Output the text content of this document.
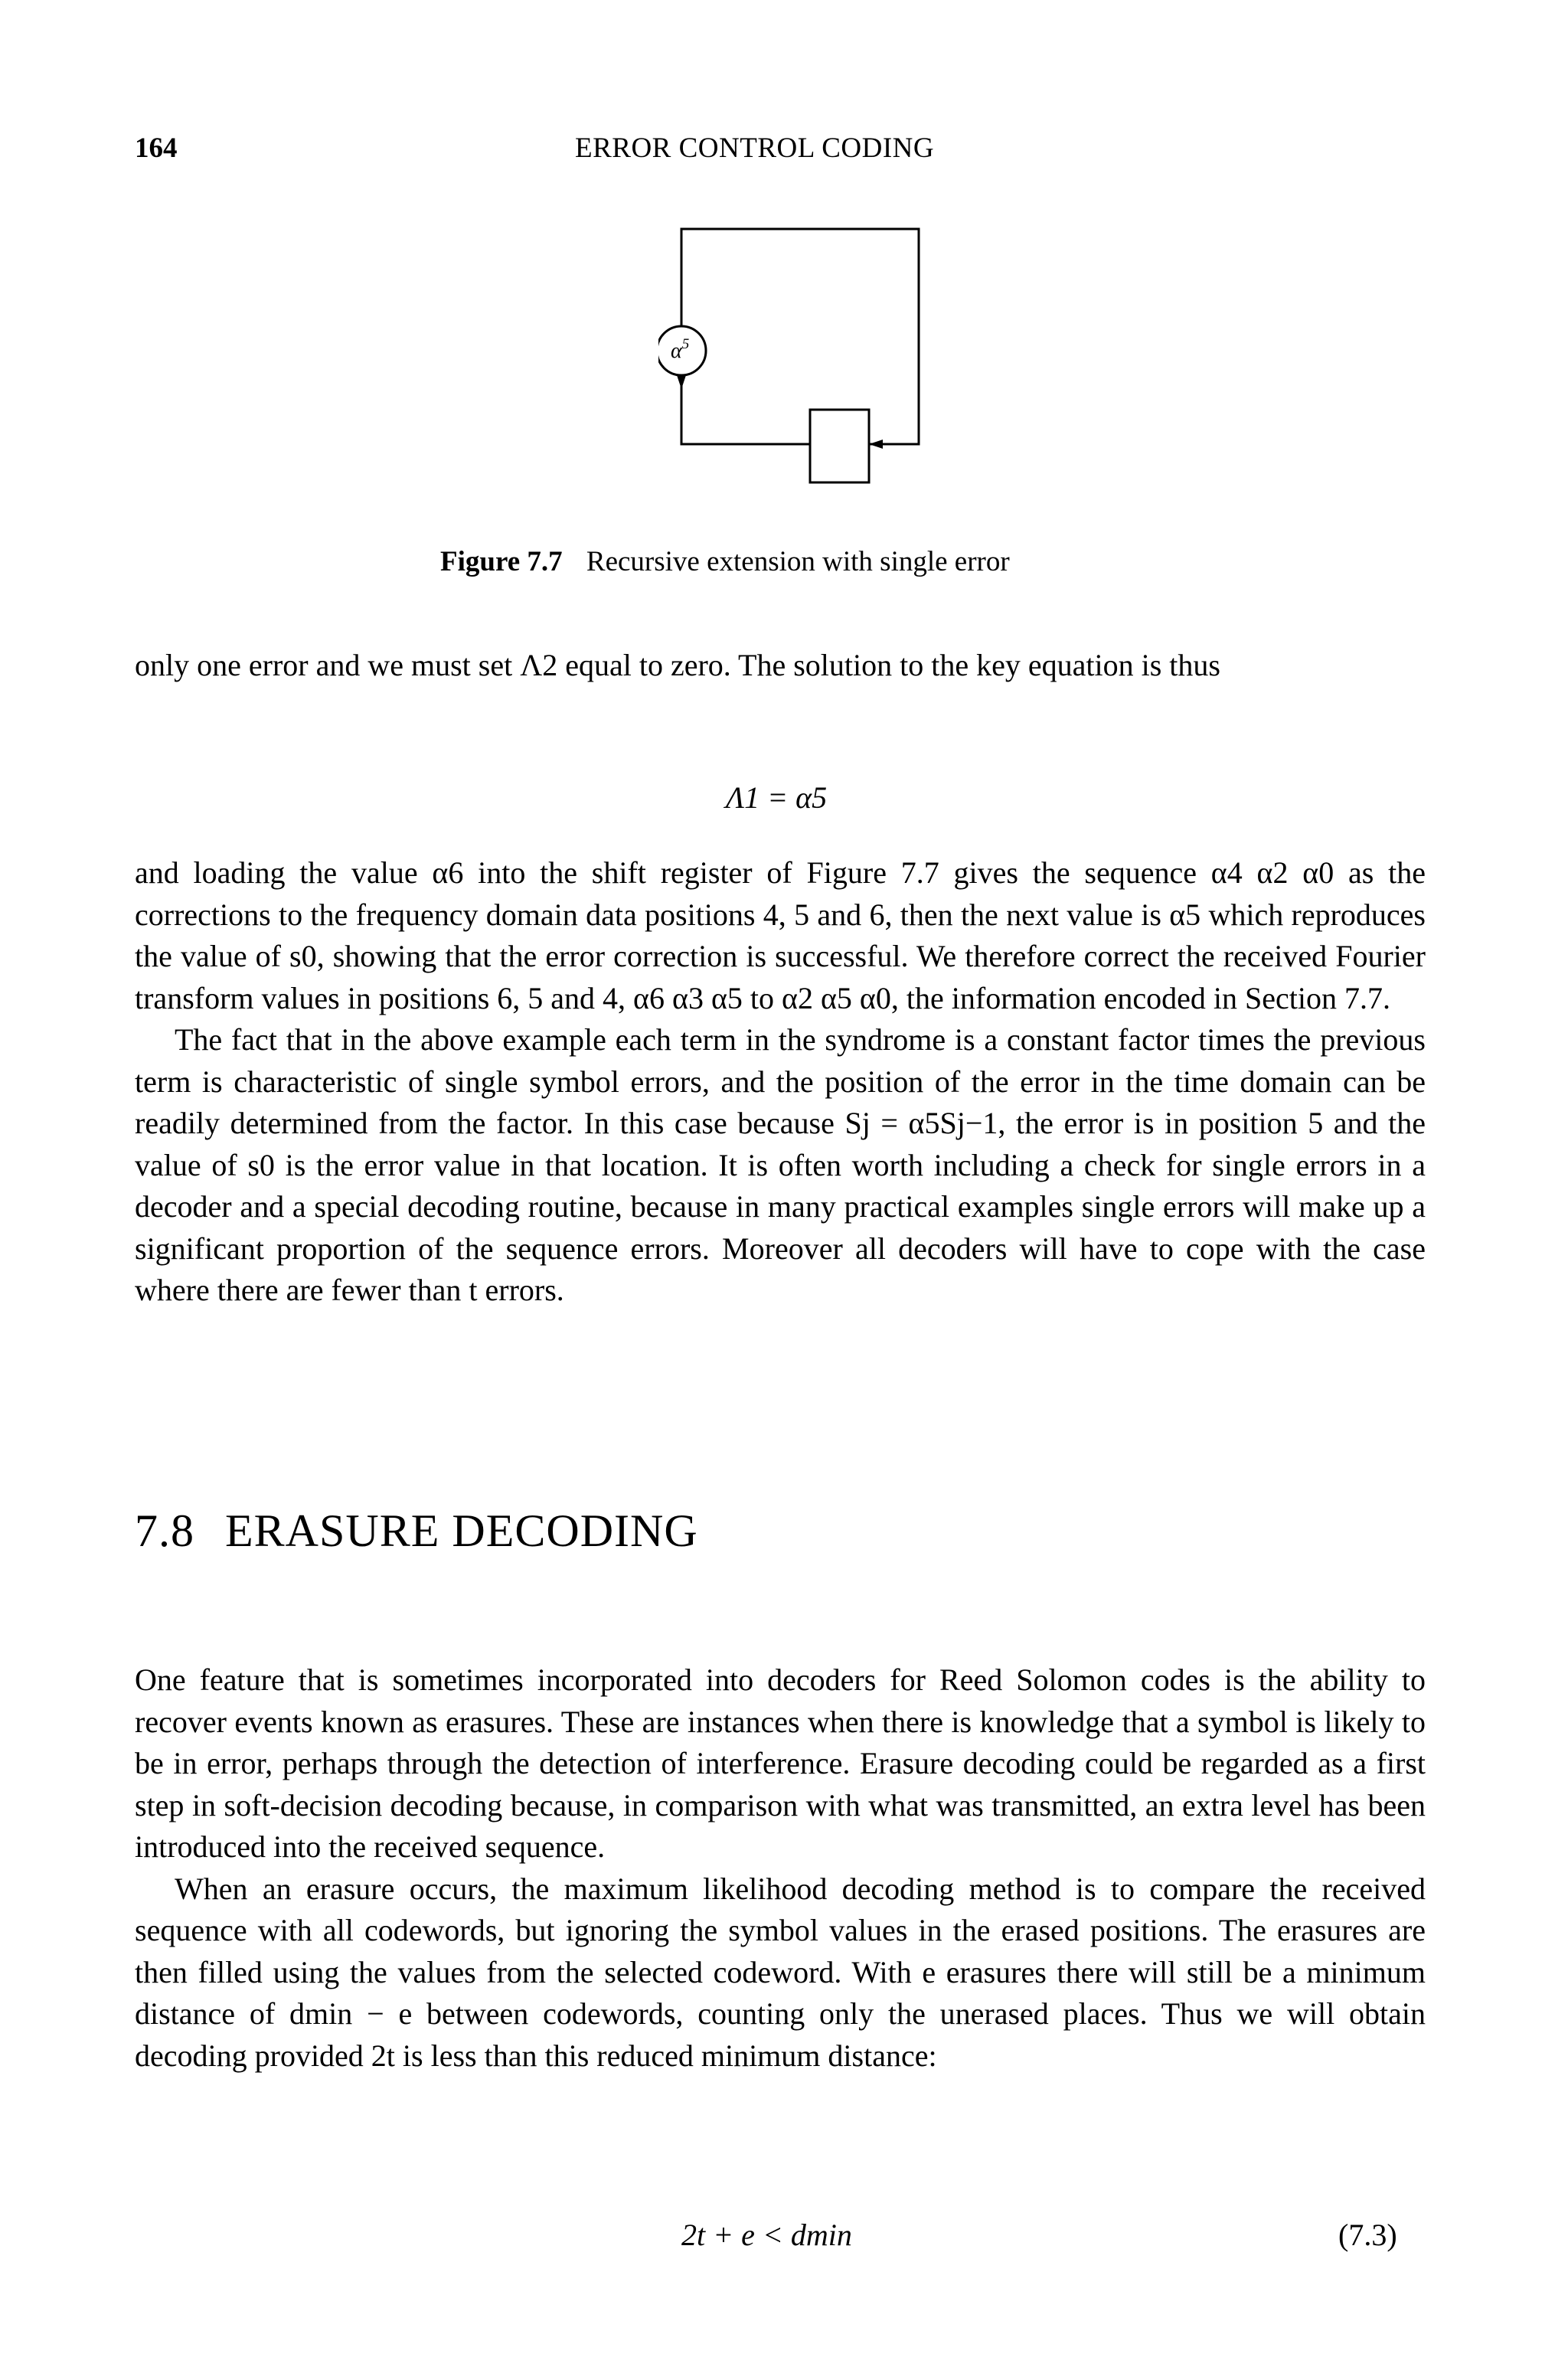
164	ERROR CONTROL CODING
$\alpha^5$
Figure 7.7 Recursive extension with single error

only one error and we must set Λ2 equal to zero. The solution to the key equation is thus

Λ1 = α5

and loading the value α6 into the shift register of Figure 7.7 gives the sequence α4 α2 α0 as the corrections to the frequency domain data positions 4, 5 and 6, then the next value is α5 which reproduces the value of s0, showing that the error correction is successful. We therefore correct the received Fourier transform values in positions 6, 5 and 4, α6 α3 α5 to α2 α5 α0, the information encoded in Section 7.7.

The fact that in the above example each term in the syndrome is a constant factor times the previous term is characteristic of single symbol errors, and the position of the error in the time domain can be readily determined from the factor. In this case because Sj = α5Sj−1, the error is in position 5 and the value of s0 is the error value in that location. It is often worth including a check for single errors in a decoder and a special decoding routine, because in many practical examples single errors will make up a significant proportion of the sequence errors. Moreover all decoders will have to cope with the case where there are fewer than t errors.

7.8 ERASURE DECODING

One feature that is sometimes incorporated into decoders for Reed Solomon codes is the ability to recover events known as erasures. These are instances when there is knowledge that a symbol is likely to be in error, perhaps through the detection of interference. Erasure decoding could be regarded as a first step in soft-decision decoding because, in comparison with what was transmitted, an extra level has been introduced into the received sequence.

When an erasure occurs, the maximum likelihood decoding method is to compare the received sequence with all codewords, but ignoring the symbol values in the erased positions. The erasures are then filled using the values from the selected codeword. With e erasures there will still be a minimum distance of dmin − e between codewords, counting only the unerased places. Thus we will obtain decoding provided 2t is less than this reduced minimum distance:

2t + e < dmin	(7.3)
